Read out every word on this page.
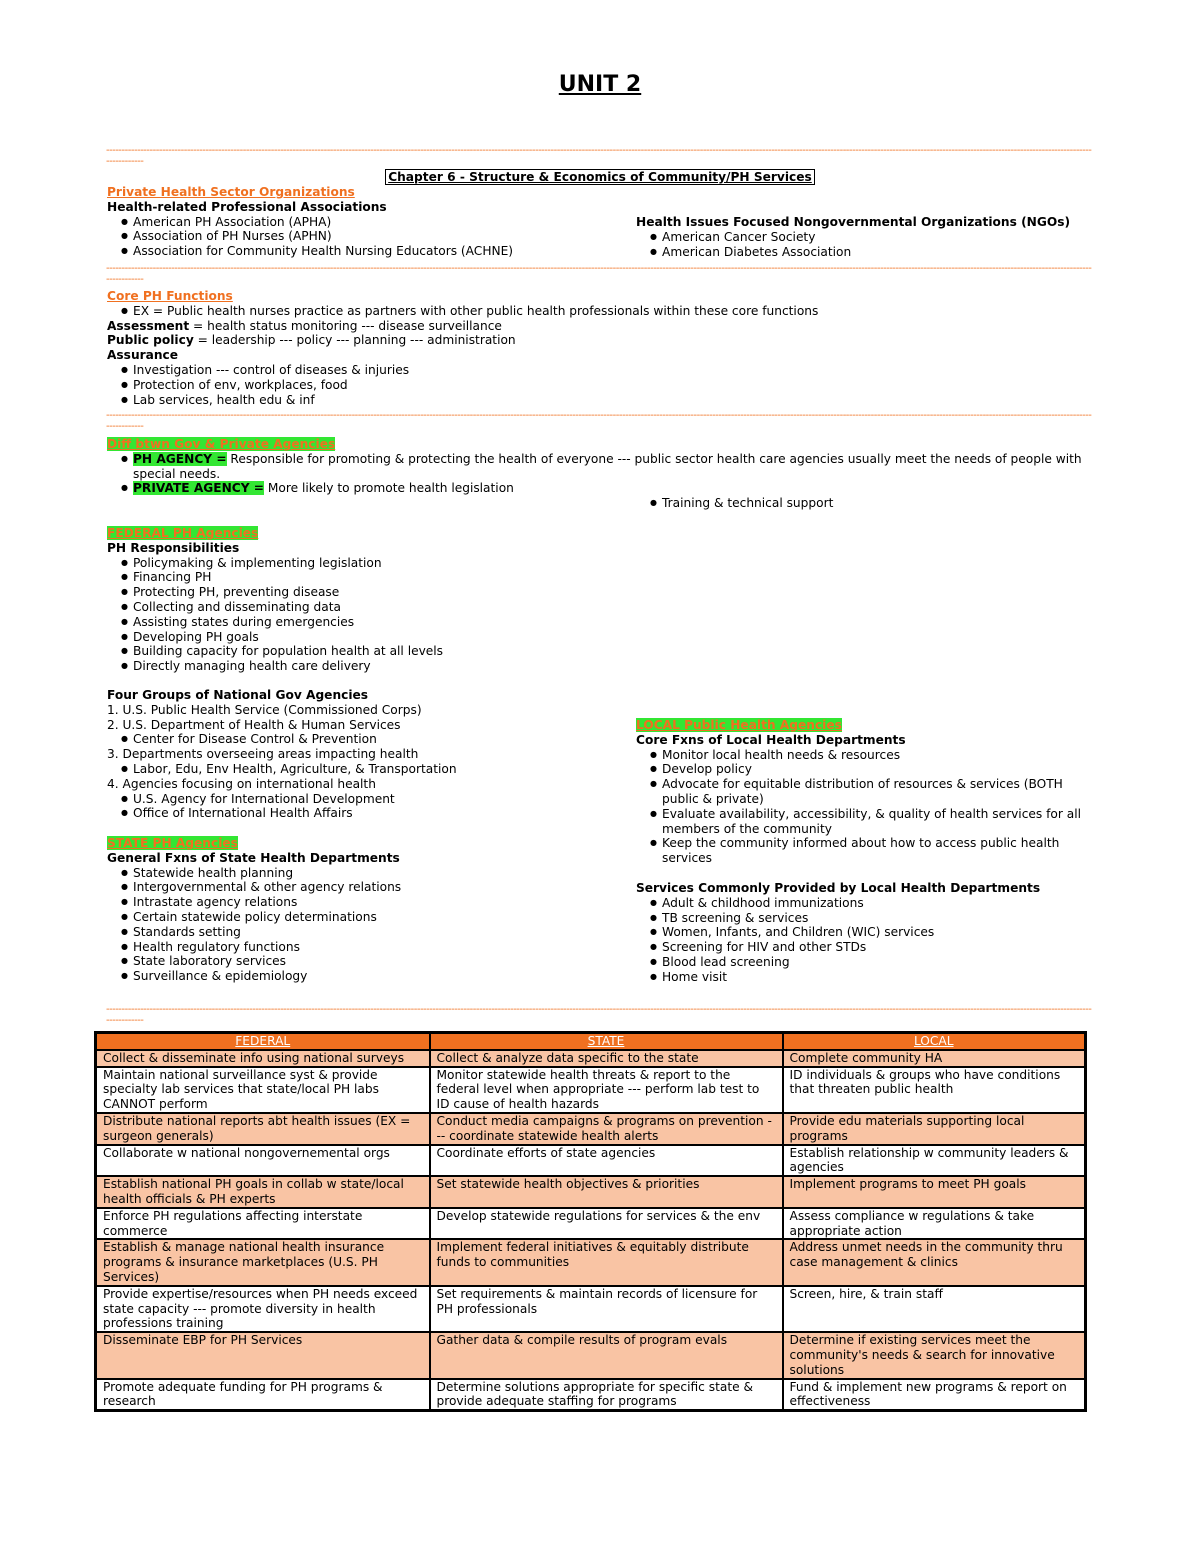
UNIT 2
-----------------------------------------------------------------------------------------------------------------------------------------------------------------------------------------------------------------------------------------------------------------------------------------------------------------------------------------
Chapter 6 - Structure & Economics of Community/PH Services
Private Health Sector Organizations
Health-related Professional Associations
● American PH Association (APHA)
● Association of PH Nurses (APHN)
● Association for Community Health Nursing Educators (ACHNE)
Health Issues Focused Nongovernmental Organizations (NGOs)
● American Cancer Society
● American Diabetes Association
-----------------------------------------------------------------------------------------------------------------------------------------------------------------------------------------------------------------------------------------------------------------------------------------------------------------------------------------
Core PH Functions
● EX = Public health nurses practice as partners with other public health professionals within these core functions
Assessment = health status monitoring --- disease surveillance
Public policy = leadership --- policy --- planning --- administration
Assurance
● Investigation --- control of diseases & injuries
● Protection of env, workplaces, food
● Lab services, health edu & inf
-----------------------------------------------------------------------------------------------------------------------------------------------------------------------------------------------------------------------------------------------------------------------------------------------------------------------------------------
Diff btwn Gov & Private Agencies
● PH AGENCY = Responsible for promoting & protecting the health of everyone --- public sector health care agencies usually meet the needs of people with special needs.
● PRIVATE AGENCY = More likely to promote health legislation
● Training & technical support
FEDERAL PH Agencies
PH Responsibilities
● Policymaking & implementing legislation
● Financing PH
● Protecting PH, preventing disease
● Collecting and disseminating data
● Assisting states during emergencies
● Developing PH goals
● Building capacity for population health at all levels
● Directly managing health care delivery
Four Groups of National Gov Agencies
1. U.S. Public Health Service (Commissioned Corps)
2. U.S. Department of Health & Human Services
● Center for Disease Control & Prevention
3. Departments overseeing areas impacting health
● Labor, Edu, Env Health, Agriculture, & Transportation
4. Agencies focusing on international health
● U.S. Agency for International Development
● Office of International Health Affairs
STATE PH Agencies
General Fxns of State Health Departments
● Statewide health planning
● Intergovernmental & other agency relations
● Intrastate agency relations
● Certain statewide policy determinations
● Standards setting
● Health regulatory functions
● State laboratory services
● Surveillance & epidemiology
LOCAL Public Health Agencies
Core Fxns of Local Health Departments
● Monitor local health needs & resources
● Develop policy
● Advocate for equitable distribution of resources & services (BOTH public & private)
● Evaluate availability, accessibility, & quality of health services for all members of the community
● Keep the community informed about how to access public health services
Services Commonly Provided by Local Health Departments
● Adult & childhood immunizations
● TB screening & services
● Women, Infants, and Children (WIC) services
● Screening for HIV and other STDs
● Blood lead screening
● Home visit
-----------------------------------------------------------------------------------------------------------------------------------------------------------------------------------------------------------------------------------------------------------------------------------------------------------------------------------------
FEDERAL	STATE	LOCAL
Collect & disseminate info using national surveys	Collect & analyze data specific to the state	Complete community HA
Maintain national surveillance syst & provide specialty lab services that state/local PH labs CANNOT perform	Monitor statewide health threats & report to the federal level when appropriate --- perform lab test to ID cause of health hazards	ID individuals & groups who have conditions that threaten public health
Distribute national reports abt health issues (EX = surgeon generals)	Conduct media campaigns & programs on prevention --- coordinate statewide health alerts	Provide edu materials supporting local programs
Collaborate w national nongovernemental orgs	Coordinate efforts of state agencies	Establish relationship w community leaders & agencies
Establish national PH goals in collab w state/local health officials & PH experts	Set statewide health objectives & priorities	Implement programs to meet PH goals
Enforce PH regulations affecting interstate commerce	Develop statewide regulations for services & the env	Assess compliance w regulations & take appropriate action
Establish & manage national health insurance programs & insurance marketplaces (U.S. PH Services)	Implement federal initiatives & equitably distribute funds to communities	Address unmet needs in the community thru case management & clinics
Provide expertise/resources when PH needs exceed state capacity --- promote diversity in health professions training	Set requirements & maintain records of licensure for PH professionals	Screen, hire, & train staff
Disseminate EBP for PH Services	Gather data & compile results of program evals	Determine if existing services meet the community's needs & search for innovative solutions
Promote adequate funding for PH programs & research	Determine solutions appropriate for specific state & provide adequate staffing for programs	Fund & implement new programs & report on effectiveness
